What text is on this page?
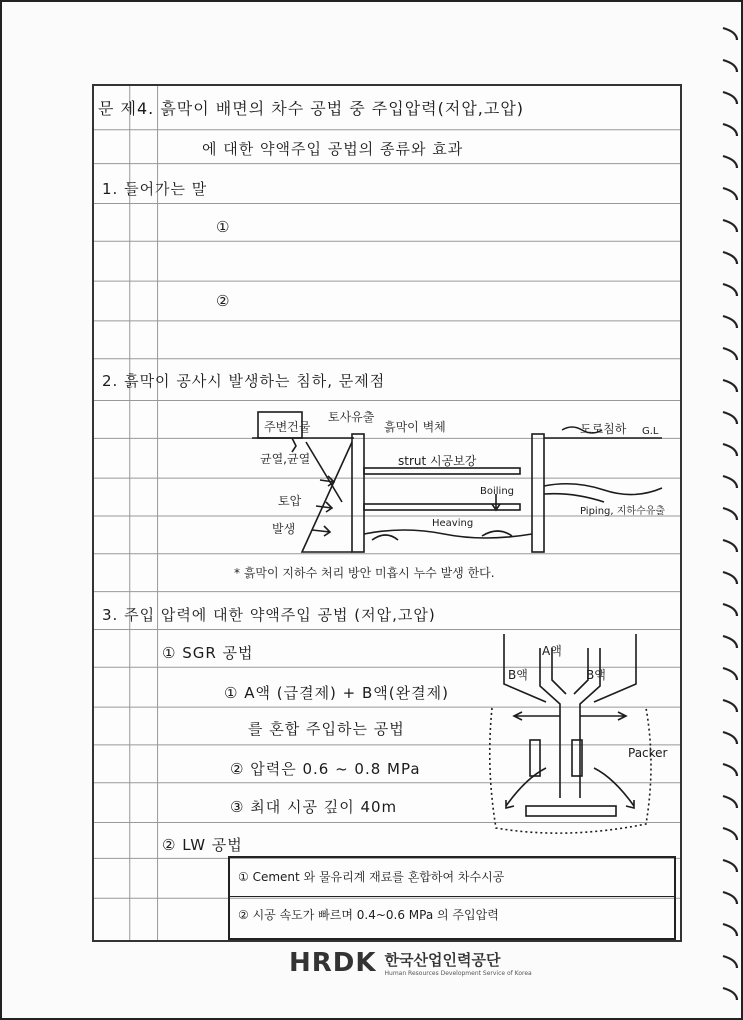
문 제4. 흙막이 배면의 차수 공법 중 주입압력(저압,고압)
에 대한 약액주입 공법의 종류와 효과
1. 들어가는 말
①
②
2. 흙막이 공사시 발생하는 침하, 문제점
주변건물
균열,균열
토압
발생
토사유출
흙막이 벽체
strut 시공보강
Boiling
Heaving
도로침하 G.L
Piping, 지하수유출
* 흙막이 지하수 처리 방안 미흡시 누수 발생 한다.
3. 주입 압력에 대한 약액주입 공법 (저압,고압)
① SGR 공법
① A액 (급결제) + B액(완결제)
를 혼합 주입하는 공법
② 압력은 0.6 ~ 0.8 MPa
③ 최대 시공 깊이 40m
A액
B액	B액
Packer
② LW 공법
① Cement 와 물유리계 재료를 혼합하여 차수시공
② 시공 속도가 빠르며 0.4~0.6 MPa 의 주입압력
HRDK 한국산업인력공단
Human Resources Development Service of Korea
